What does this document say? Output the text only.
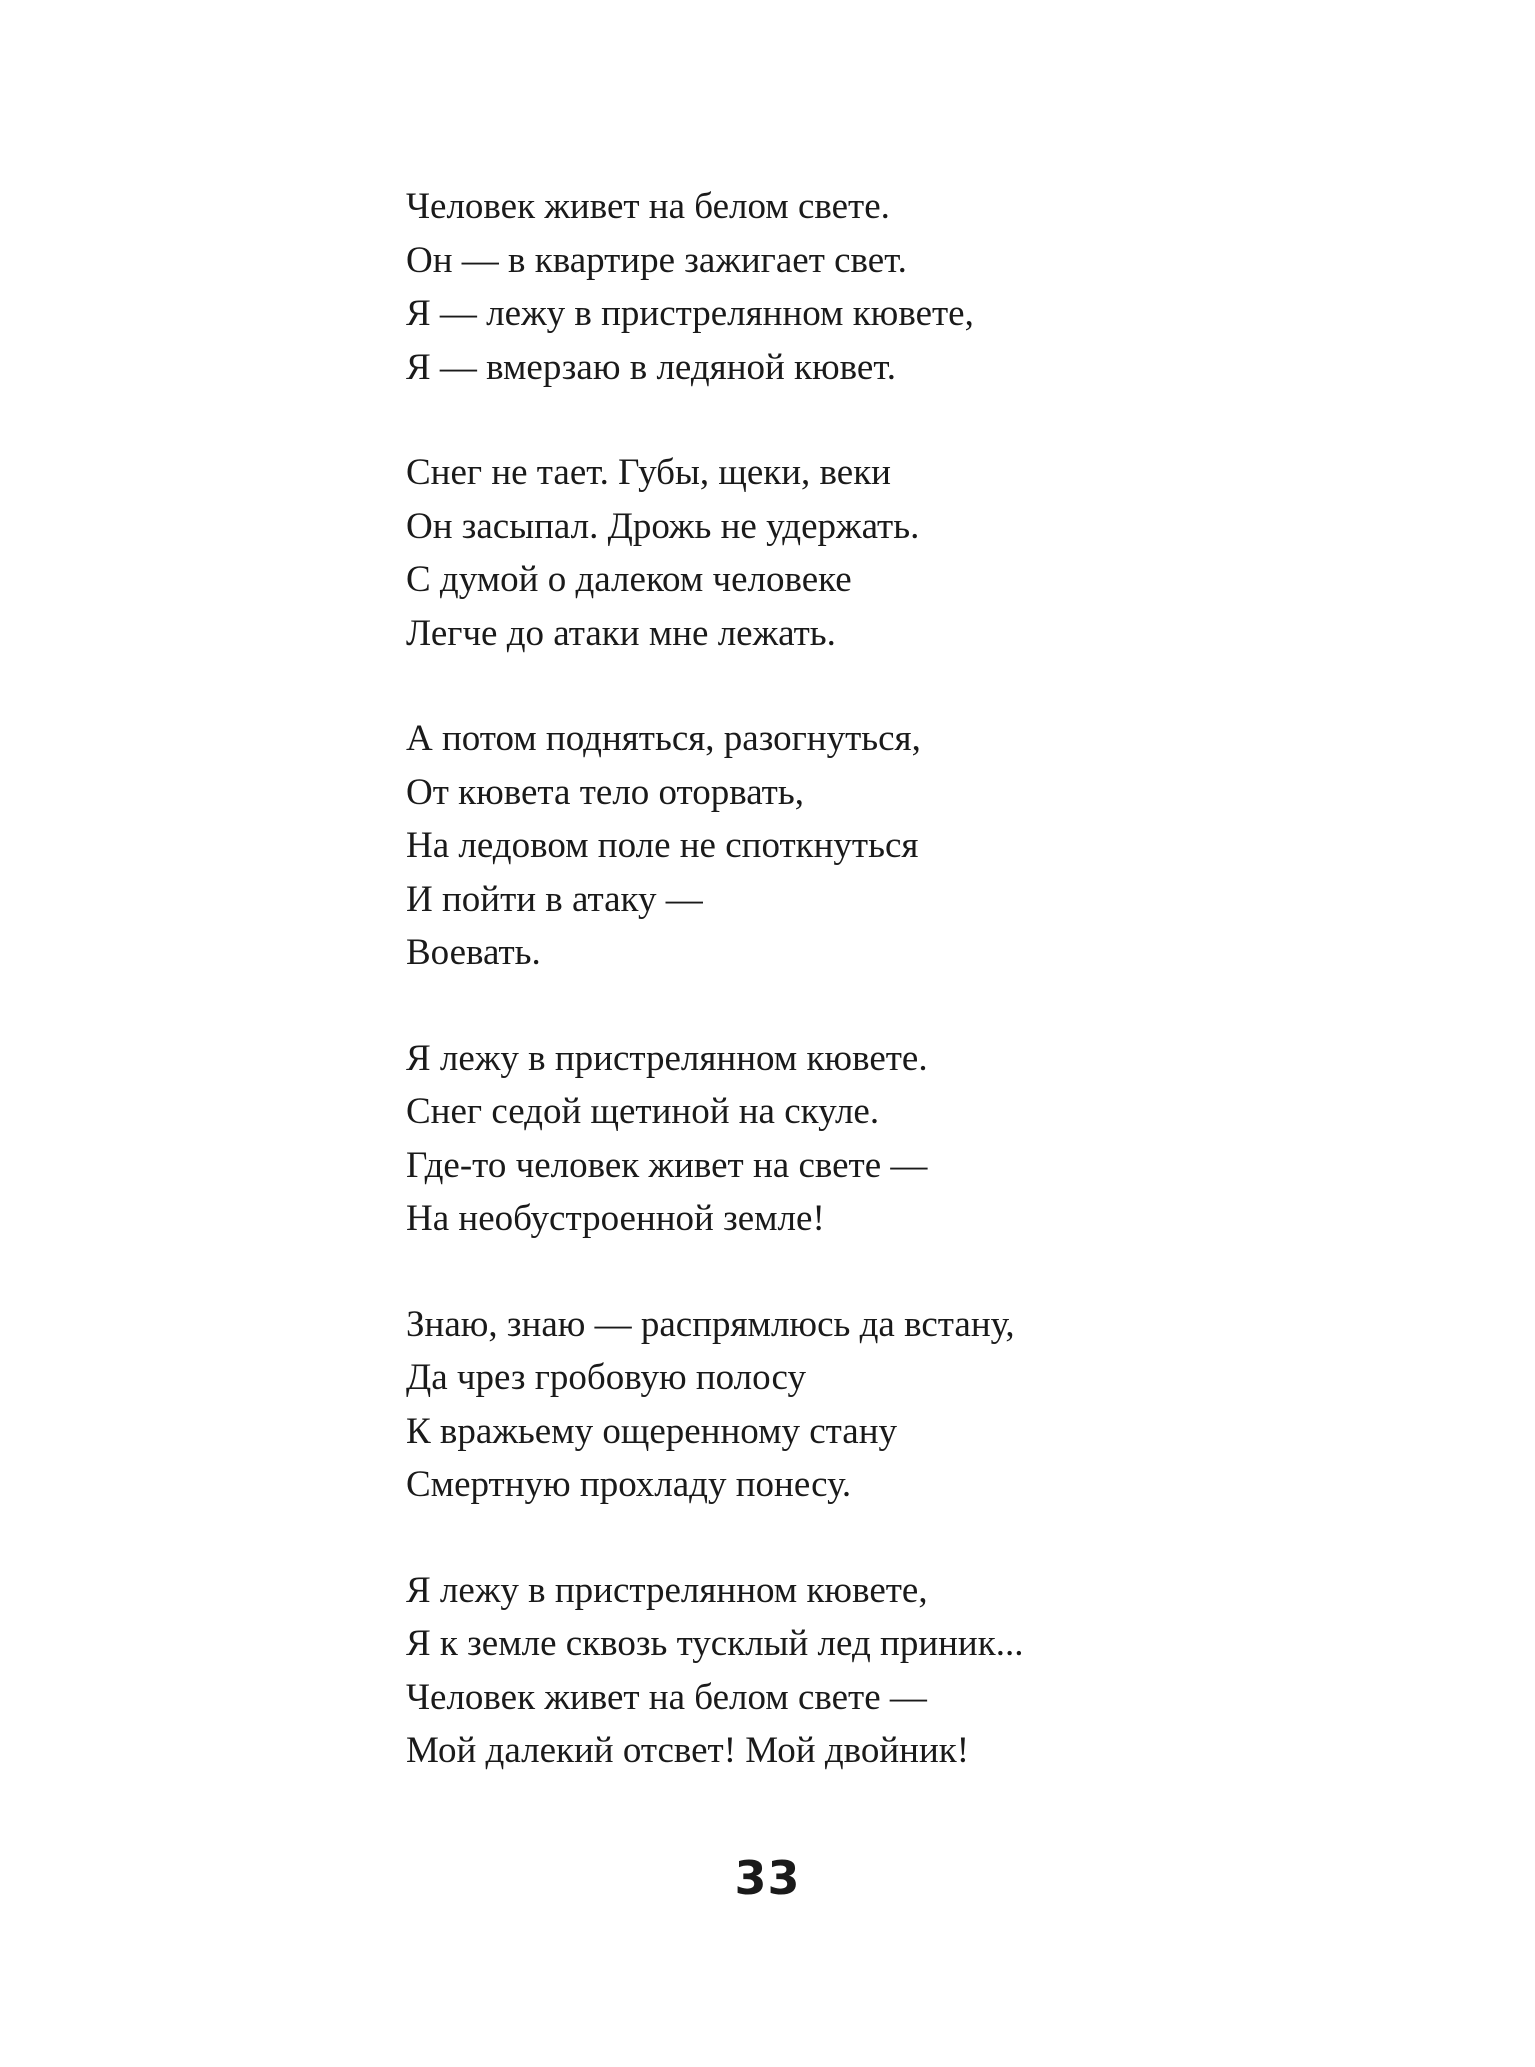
Человек живет на белом свете.
Он — в квартире зажигает свет.
Я — лежу в пристрелянном кювете,
Я — вмерзаю в ледяной кювет.
Снег не тает. Губы, щеки, веки
Он засыпал. Дрожь не удержать.
С думой о далеком человеке
Легче до атаки мне лежать.
А потом подняться, разогнуться,
От кювета тело оторвать,
На ледовом поле не споткнуться
И пойти в атаку —
Воевать.
Я лежу в пристрелянном кювете.
Снег седой щетиной на скуле.
Где-то человек живет на свете —
На необустроенной земле!
Знаю, знаю — распрямлюсь да встану,
Да чрез гробовую полосу
К вражьему ощеренному стану
Смертную прохладу понесу.
Я лежу в пристрелянном кювете,
Я к земле сквозь тусклый лед приник...
Человек живет на белом свете —
Мой далекий отсвет! Мой двойник!
33
